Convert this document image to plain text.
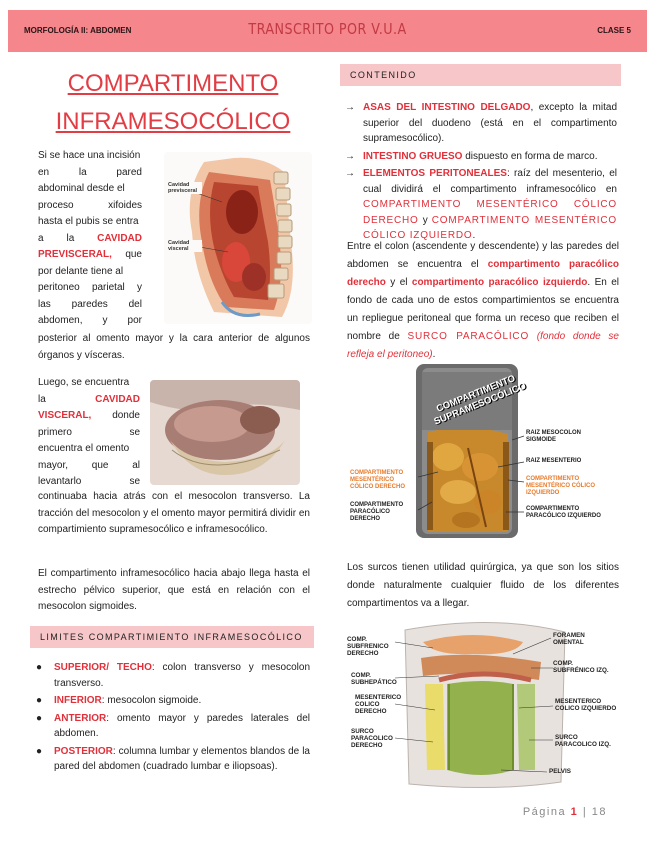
MORFOLOGÍA II: ABDOMEN	TRANSCRITO POR V.U.A	CLASE 5
COMPARTIMENTO
INFRAMESOCÓLICO
Si se hace una incisión
en	la	pared
abdominal desde el
proceso	xifoides
hasta el pubis se entra
a la CAVIDAD
PREVISCERAL, que
por delante tiene al
peritoneo parietal y
las paredes del
abdomen, y por
posterior al omento mayor y la cara anterior de algunos órganos y vísceras.
Cavidad previsceral
Cavidad visceral
Luego, se encuentra
la	CAVIDAD
VISCERAL, donde
primero	se
encuentra el omento
mayor, que al
levantarlo	se
continuaba hacia atrás con el mesocolon transverso. La tracción del mesocolon y el omento mayor permitirá dividir en compartimiento supramesocólico e inframesocólico.
El compartimento inframesocólico hacia abajo llega hasta el estrecho pélvico superior, que está en relación con el mesocolon sigmoides.
LIMITES COMPARTIMIENTO INFRAMESOCÓLICO
● SUPERIOR/ TECHO: colon transverso y mesocolon transverso.
● INFERIOR: mesocolon sigmoide.
● ANTERIOR: omento mayor y paredes laterales del abdomen.
● POSTERIOR: columna lumbar y elementos blandos de la pared del abdomen (cuadrado lumbar e iliopsoas).
CONTENIDO
→ ASAS DEL INTESTINO DELGADO, excepto la mitad superior del duodeno (está en el compartimento supramesocólico).
→ INTESTINO GRUESO dispuesto en forma de marco.
→ ELEMENTOS PERITONEALES: raíz del mesenterio, el cual dividirá el compartimento inframesocólico en COMPARTIMENTO MESENTÉRICO CÓLICO DERECHO y COMPARTIMENTO MESENTÉRICO CÓLICO IZQUIERDO.
Entre el colon (ascendente y descendente) y las paredes del abdomen se encuentra el compartimento paracólico derecho y el compartimento paracólico izquierdo. En el fondo de cada uno de estos compartimientos se encuentra un repliegue peritoneal que forma un receso que reciben el nombre de SURCO PARACÓLICO (fondo donde se refleja el peritoneo).
COMPARTIMENTO SUPRAMESOCÓLICO
RAIZ MESOCOLON SIGMOIDE
RAIZ MESENTERIO
COMPARTIMENTO MESENTÉRICO CÓLICO DERECHO
COMPARTIMENTO MESENTÉRICO CÓLICO IZQUIERDO
COMPARTIMENTO PARACÓLICO DERECHO
COMPARTIMENTO PARACÓLICO IZQUIERDO
Los surcos tienen utilidad quirúrgica, ya que son los sitios donde naturalmente cualquier fluido de los diferentes compartimentos va a llegar.
COMP. SUBFRENICO DERECHO
COMP. SUBHEPÁTICO
MESENTERICO COLICO DERECHO
SURCO PARACOLICO DERECHO
FORAMEN OMENTAL
COMP. SUBFRÉNICO IZQ.
MESENTERICO COLICO IZQUIERDO
SURCO PARACOLICO IZQ.
PELVIS
Página 1 | 18
